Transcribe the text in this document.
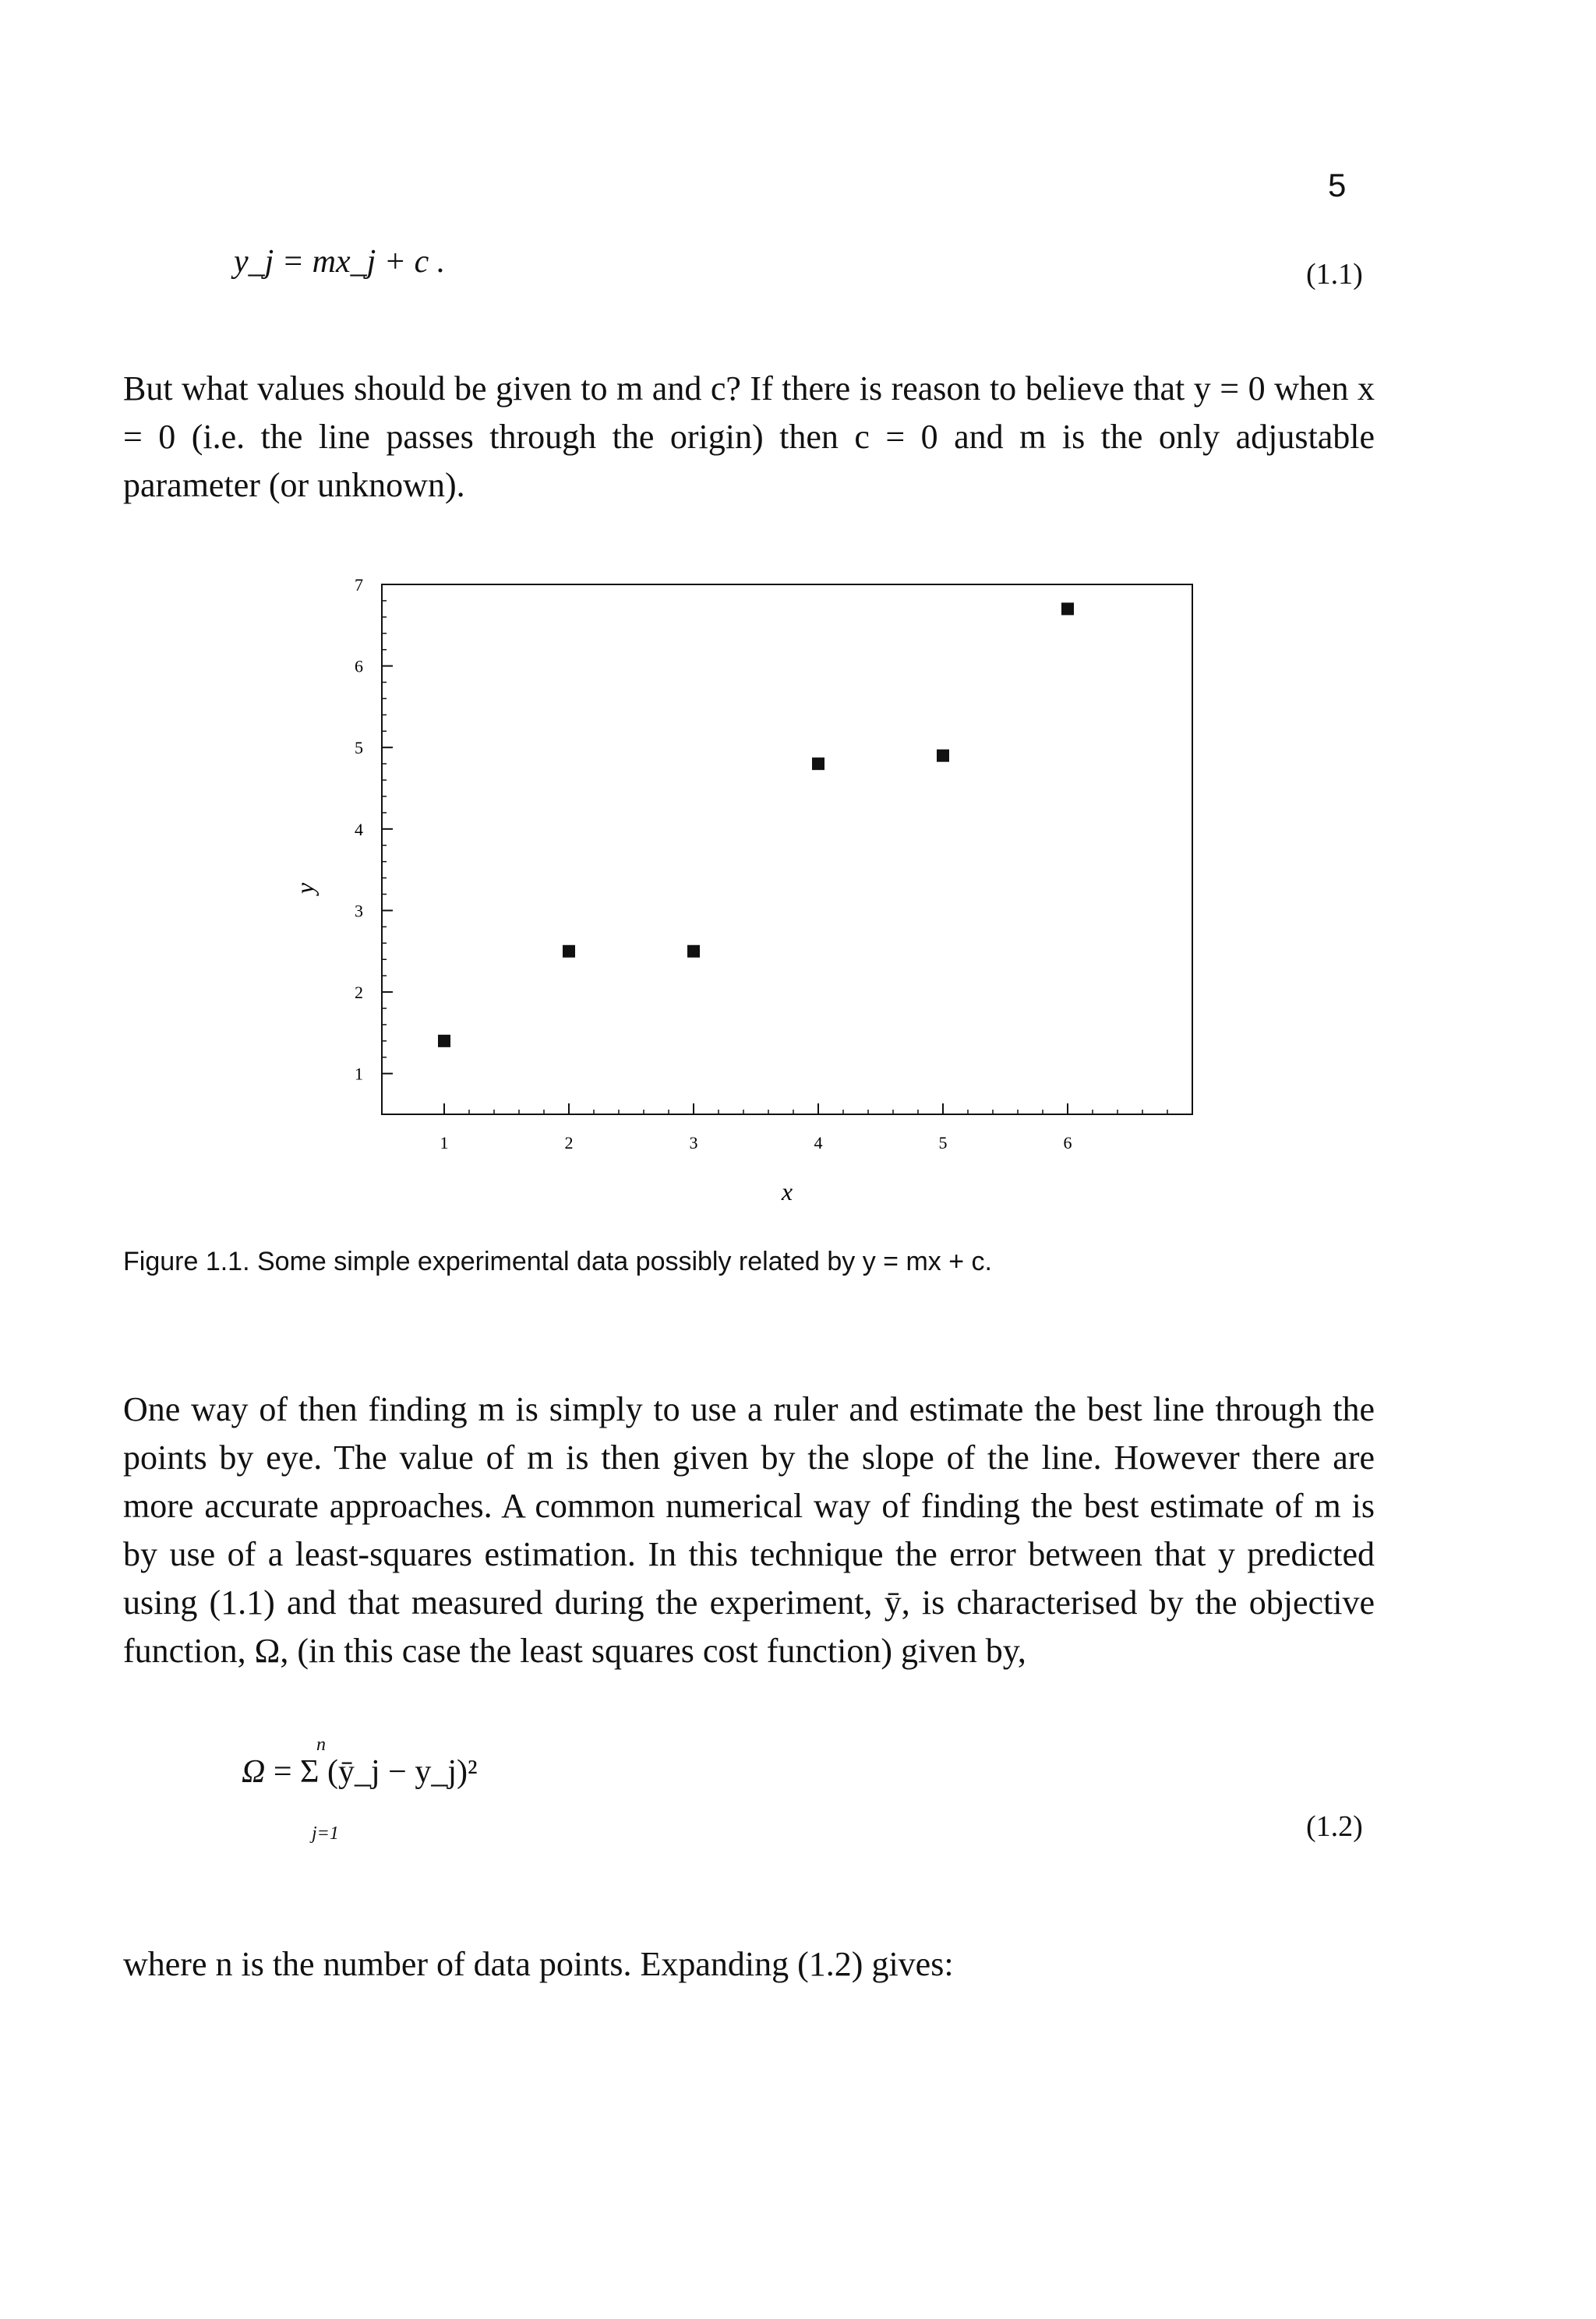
5
y_j = mx_j + c .	(1.1)
But what values should be given to m and c? If there is reason to believe that y = 0 when x = 0 (i.e. the line passes through the origin) then c = 0 and m is the only adjustable parameter (or unknown).
1	2	3	4	5	6
1
2
3
4
5
6
7
x
y
Figure 1.1. Some simple experimental data possibly related by y = mx + c.
One way of then finding m is simply to use a ruler and estimate the best line through the points by eye. The value of m is then given by the slope of the line. However there are more accurate approaches. A common numerical way of finding the best estimate of m is by use of a least-squares estimation. In this technique the error between that y predicted using (1.1) and that measured during the experiment, ȳ, is characterised by the objective function, Ω, (in this case the least squares cost function) given by,
Ω = Σ (ȳ_j − y_j)²
n
j=1	(1.2)
where n is the number of data points. Expanding (1.2) gives:
